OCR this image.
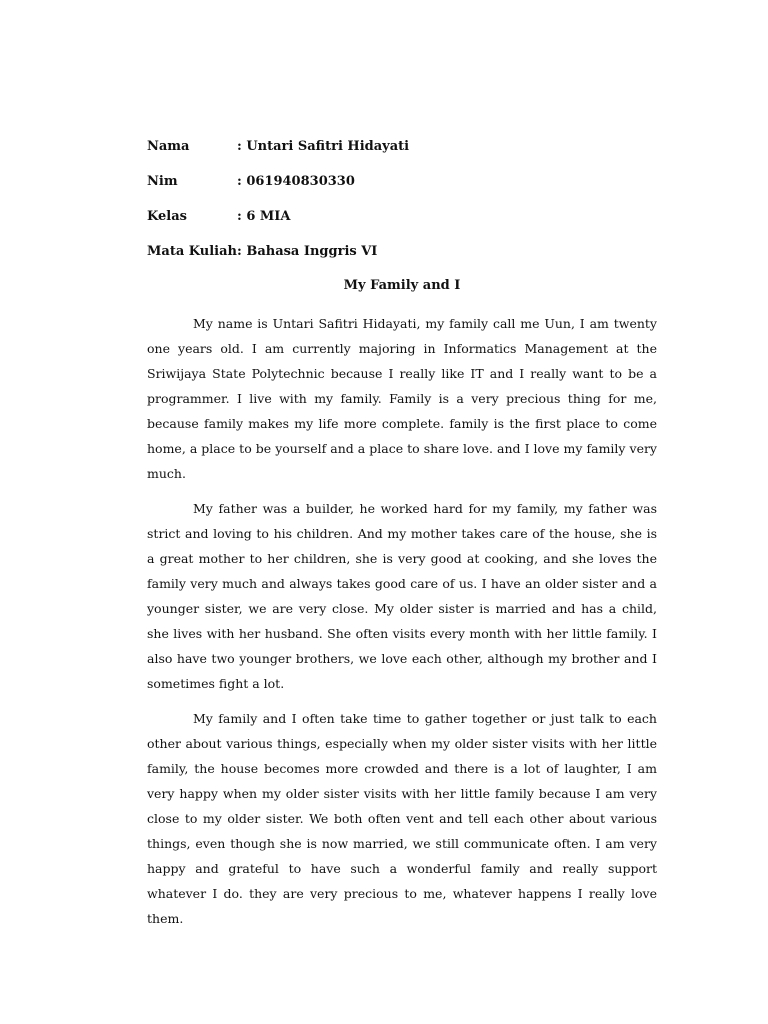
Nama	: Untari Safitri Hidayati
Nim	: 061940830330
Kelas	: 6 MIA
Mata Kuliah: Bahasa Inggris VI
My Family and I

My name is Untari Safitri Hidayati, my family call me Uun, I am twenty one years old. I am currently majoring in Informatics Management at the Sriwijaya State Polytechnic because I really like IT and I really want to be a programmer. I live with my family. Family is a very precious thing for me, because family makes my life more complete. family is the first place to come home, a place to be yourself and a place to share love. and I love my family very much.

My father was a builder, he worked hard for my family, my father was strict and loving to his children. And my mother takes care of the house, she is a great mother to her children, she is very good at cooking, and she loves the family very much and always takes good care of us. I have an older sister and a younger sister, we are very close. My older sister is married and has a child, she lives with her husband. She often visits every month with her little family. I also have two younger brothers, we love each other, although my brother and I sometimes fight a lot.

My family and I often take time to gather together or just talk to each other about various things, especially when my older sister visits with her little family, the house becomes more crowded and there is a lot of laughter, I am very happy when my older sister visits with her little family because I am very close to my older sister. We both often vent and tell each other about various things, even though she is now married, we still communicate often. I am very happy and grateful to have such a wonderful family and really support whatever I do. they are very precious to me, whatever happens I really love them.
